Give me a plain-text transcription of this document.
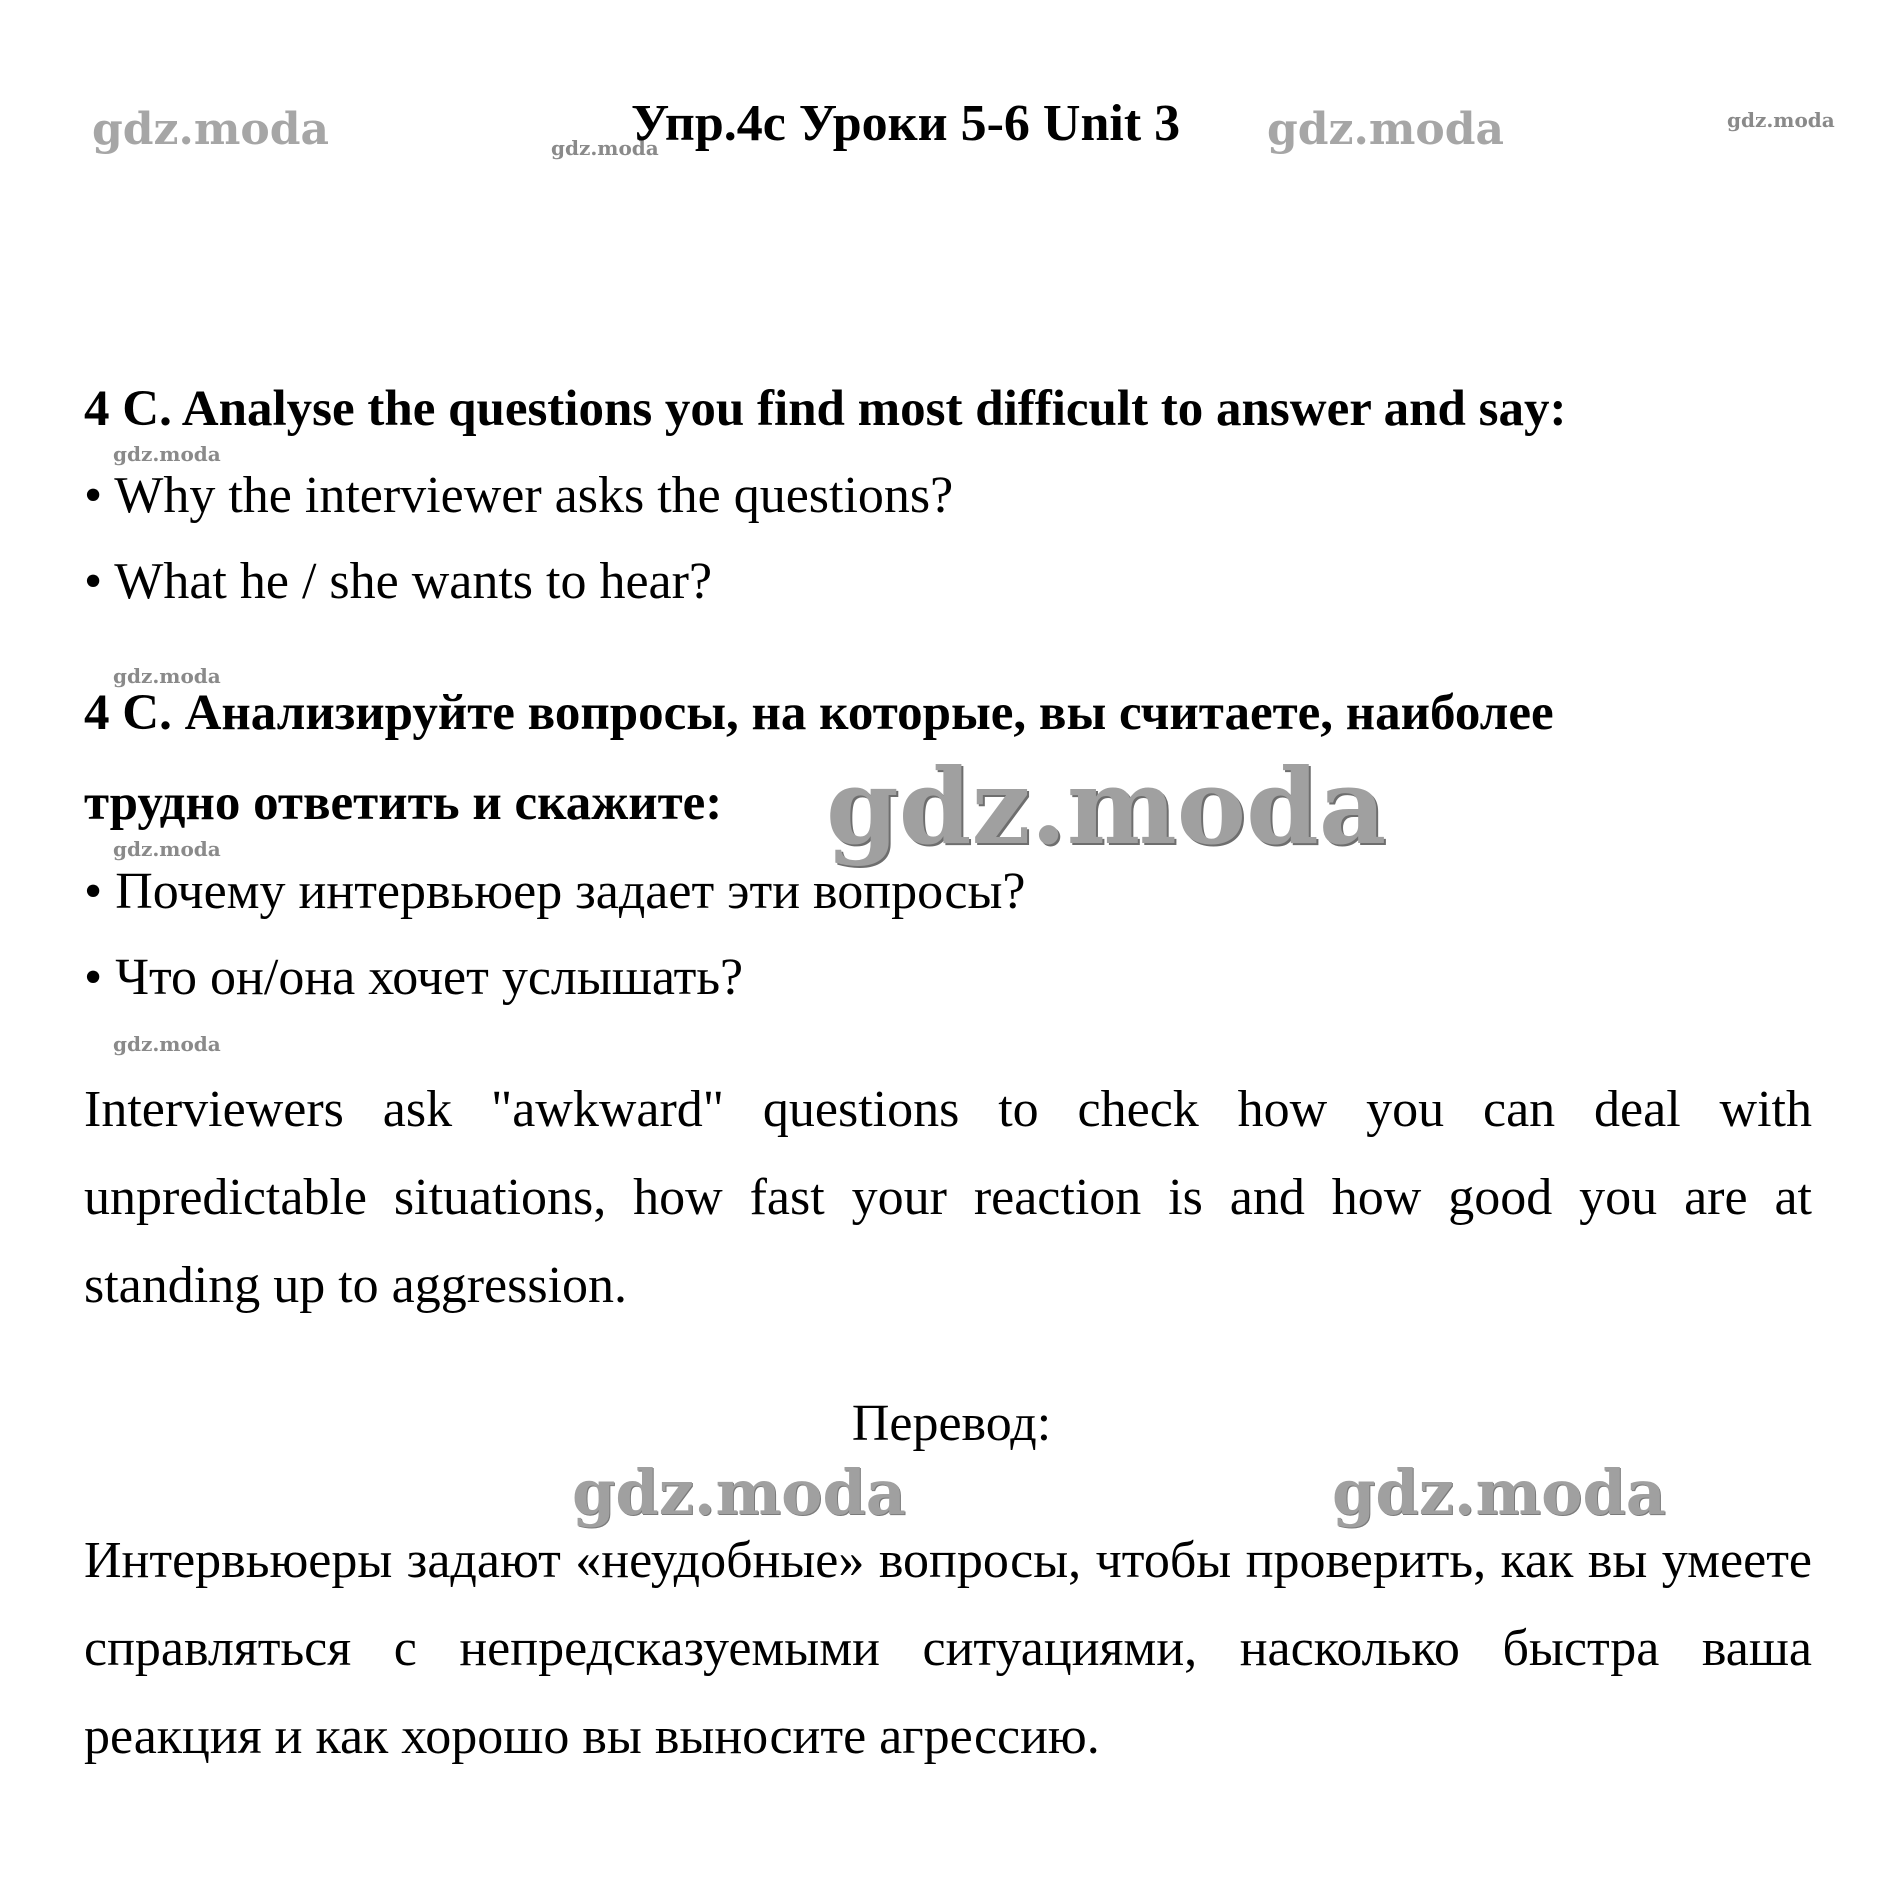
gdz.moda	gdz.moda	gdz.moda	gdz.moda
gdz.moda
gdz.moda
gdz.moda
gdz.moda
gdz.moda
gdz.moda	gdz.moda
Упр.4с Уроки 5-6 Unit 3
4 C. Analyse the questions you find most difficult to answer and say:
• Why the interviewer asks the questions?
• What he / she wants to hear?
4 С. Анализируйте вопросы, на которые, вы считаете, наиболее
трудно ответить и скажите:
• Почему интервьюер задает эти вопросы?
• Что он/она хочет услышать?
Interviewers ask "awkward" questions to check how you can deal with unpredictable situations, how fast your reaction is and how good you are at standing up to aggression.
Перевод:
Интервьюеры задают «неудобные» вопросы, чтобы проверить, как вы умеете справляться с непредсказуемыми ситуациями, насколько быстра ваша реакция и как хорошо вы выносите агрессию.
